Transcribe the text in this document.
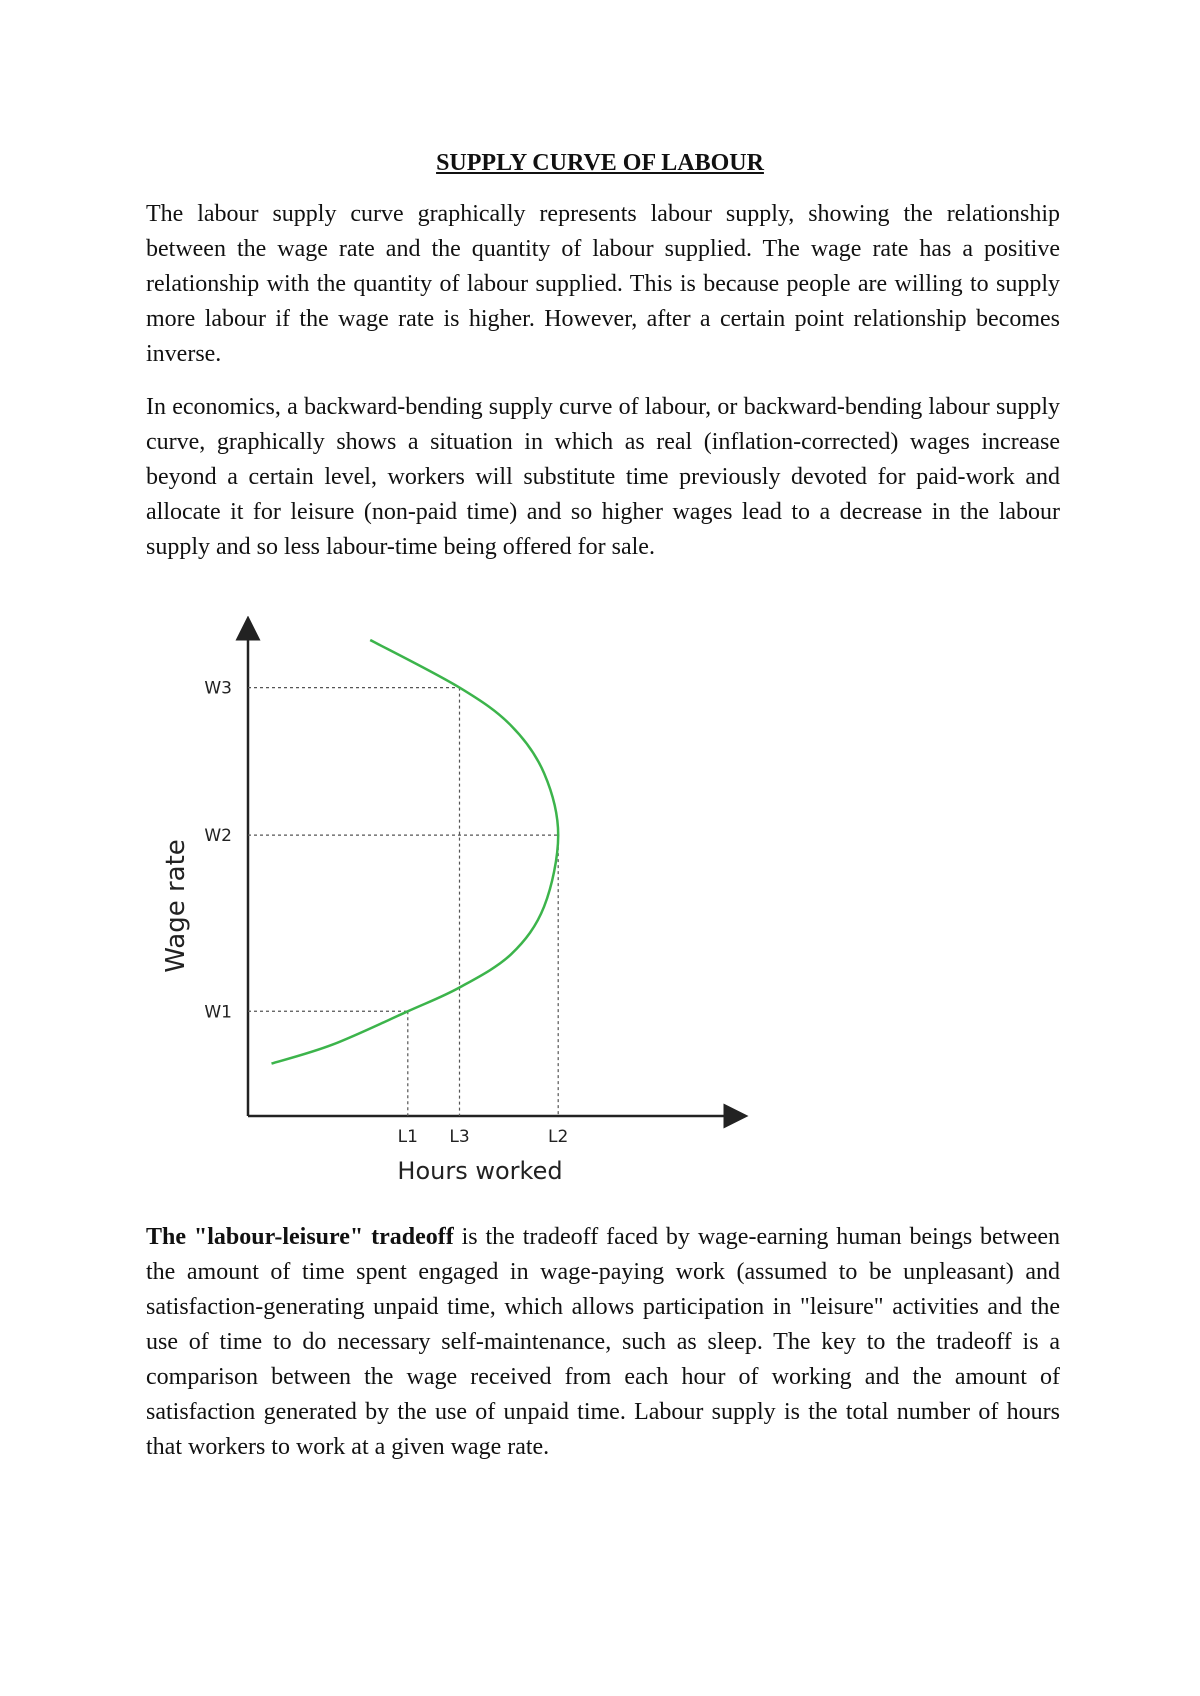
SUPPLY CURVE OF LABOUR
The labour supply curve graphically represents labour supply, showing the relationship between the wage rate and the quantity of labour supplied. The wage rate has a positive relationship with the quantity of labour supplied. This is because people are willing to supply more labour if the wage rate is higher. However, after a certain point relationship becomes inverse.
In economics, a backward-bending supply curve of labour, or backward-bending labour supply curve, graphically shows a situation in which as real (inflation-corrected) wages increase beyond a certain level, workers will substitute time previously devoted for paid-work and allocate it for leisure (non-paid time) and so higher wages lead to a decrease in the labour supply and so less labour-time being offered for sale.
W1
W2
W3
L1 L3	L2
Hours worked
Wage rate
The "labour-leisure" tradeoff is the tradeoff faced by wage-earning human beings between the amount of time spent engaged in wage-paying work (assumed to be unpleasant) and satisfaction-generating unpaid time, which allows participation in "leisure" activities and the use of time to do necessary self-maintenance, such as sleep. The key to the tradeoff is a comparison between the wage received from each hour of working and the amount of satisfaction generated by the use of unpaid time. Labour supply is the total number of hours that workers to work at a given wage rate.
